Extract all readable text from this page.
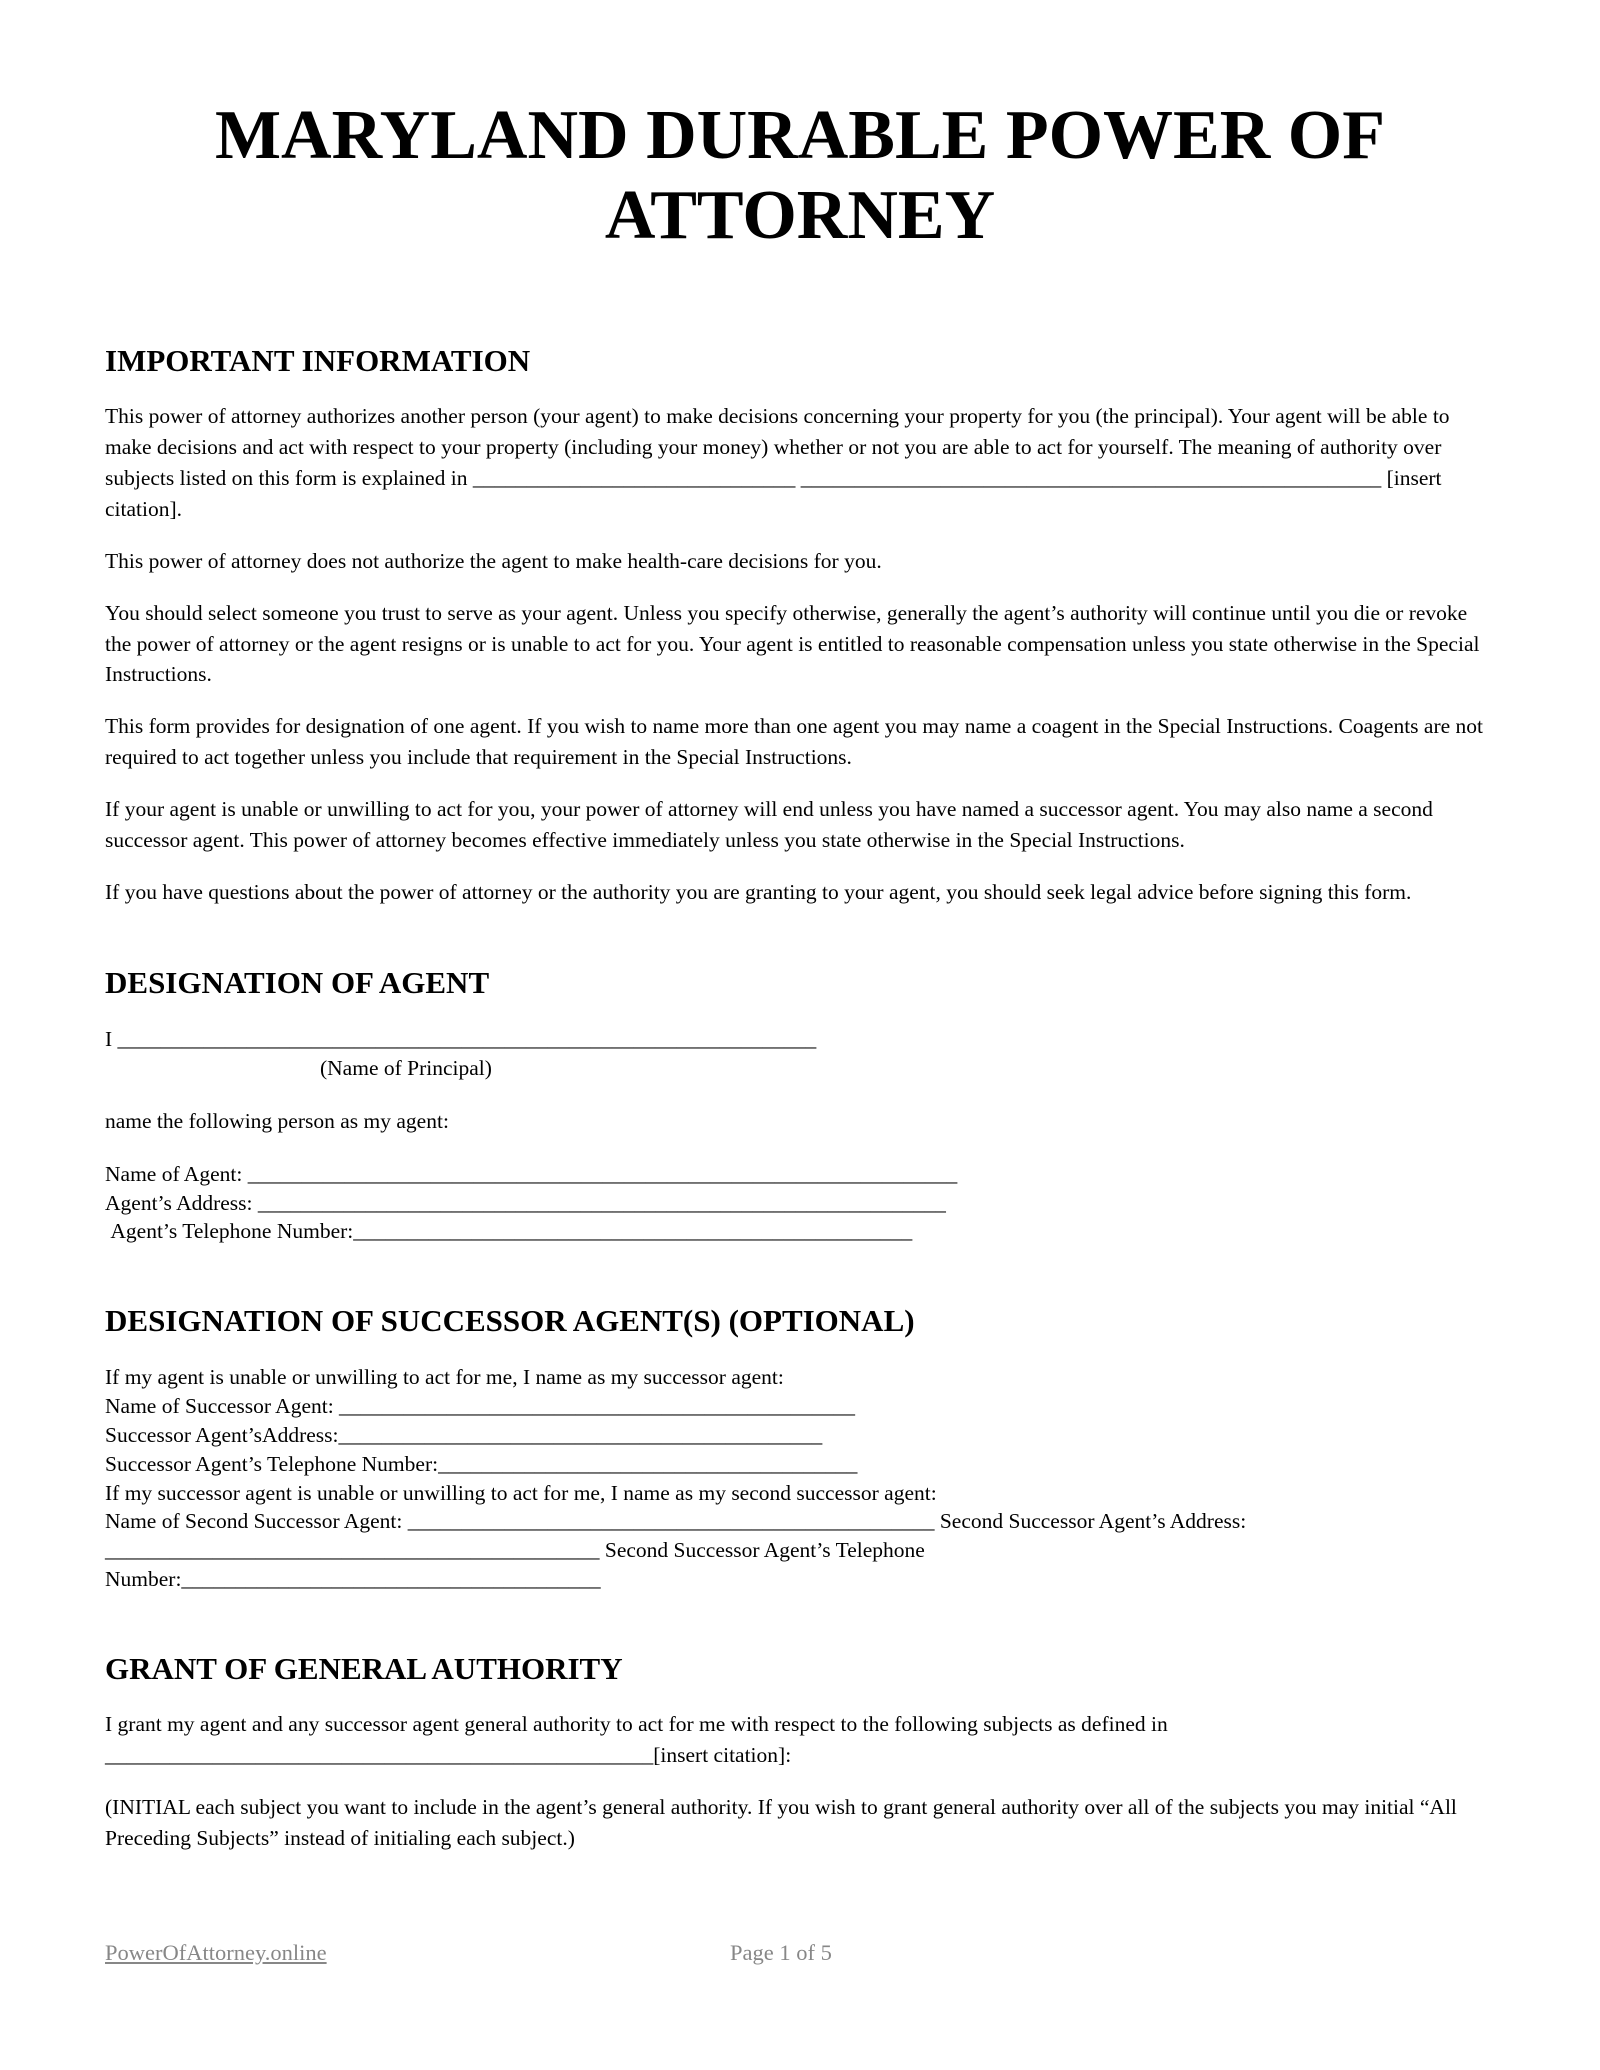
MARYLAND DURABLE POWER OF ATTORNEY
IMPORTANT INFORMATION

This power of attorney authorizes another person (your agent) to make decisions concerning your property for you (the principal). Your agent will be able to make decisions and act with respect to your property (including your money) whether or not you are able to act for yourself. The meaning of authority over subjects listed on this form is explained in ______________________________ ______________________________________________________ [insert citation].

This power of attorney does not authorize the agent to make health-care decisions for you.

You should select someone you trust to serve as your agent. Unless you specify otherwise, generally the agent’s authority will continue until you die or revoke the power of attorney or the agent resigns or is unable to act for you. Your agent is entitled to reasonable compensation unless you state otherwise in the Special Instructions.

This form provides for designation of one agent. If you wish to name more than one agent you may name a coagent in the Special Instructions. Coagents are not required to act together unless you include that requirement in the Special Instructions.

If your agent is unable or unwilling to act for you, your power of attorney will end unless you have named a successor agent. You may also name a second successor agent. This power of attorney becomes effective immediately unless you state otherwise in the Special Instructions.

If you have questions about the power of attorney or the authority you are granting to your agent, you should seek legal advice before signing this form.

DESIGNATION OF AGENT
I _________________________________________________________________
(Name of Principal)
name the following person as my agent:
Name of Agent: __________________________________________________________________
Agent’s Address: ________________________________________________________________
Agent’s Telephone Number:____________________________________________________
DESIGNATION OF SUCCESSOR AGENT(S) (OPTIONAL)
If my agent is unable or unwilling to act for me, I name as my successor agent:
Name of Successor Agent: ________________________________________________
Successor Agent’sAddress:_____________________________________________
Successor Agent’s Telephone Number:_______________________________________
If my successor agent is unable or unwilling to act for me, I name as my second successor agent:
Name of Second Successor Agent: _________________________________________________ Second Successor Agent’s Address:
______________________________________________ Second Successor Agent’s Telephone
Number:_______________________________________
GRANT OF GENERAL AUTHORITY

I grant my agent and any successor agent general authority to act for me with respect to the following subjects as defined in ___________________________________________________[insert citation]:

(INITIAL each subject you want to include in the agent’s general authority. If you wish to grant general authority over all of the subjects you may initial “All Preceding Subjects” instead of initialing each subject.)

PowerOfAttorney.online	Page 1 of 5
